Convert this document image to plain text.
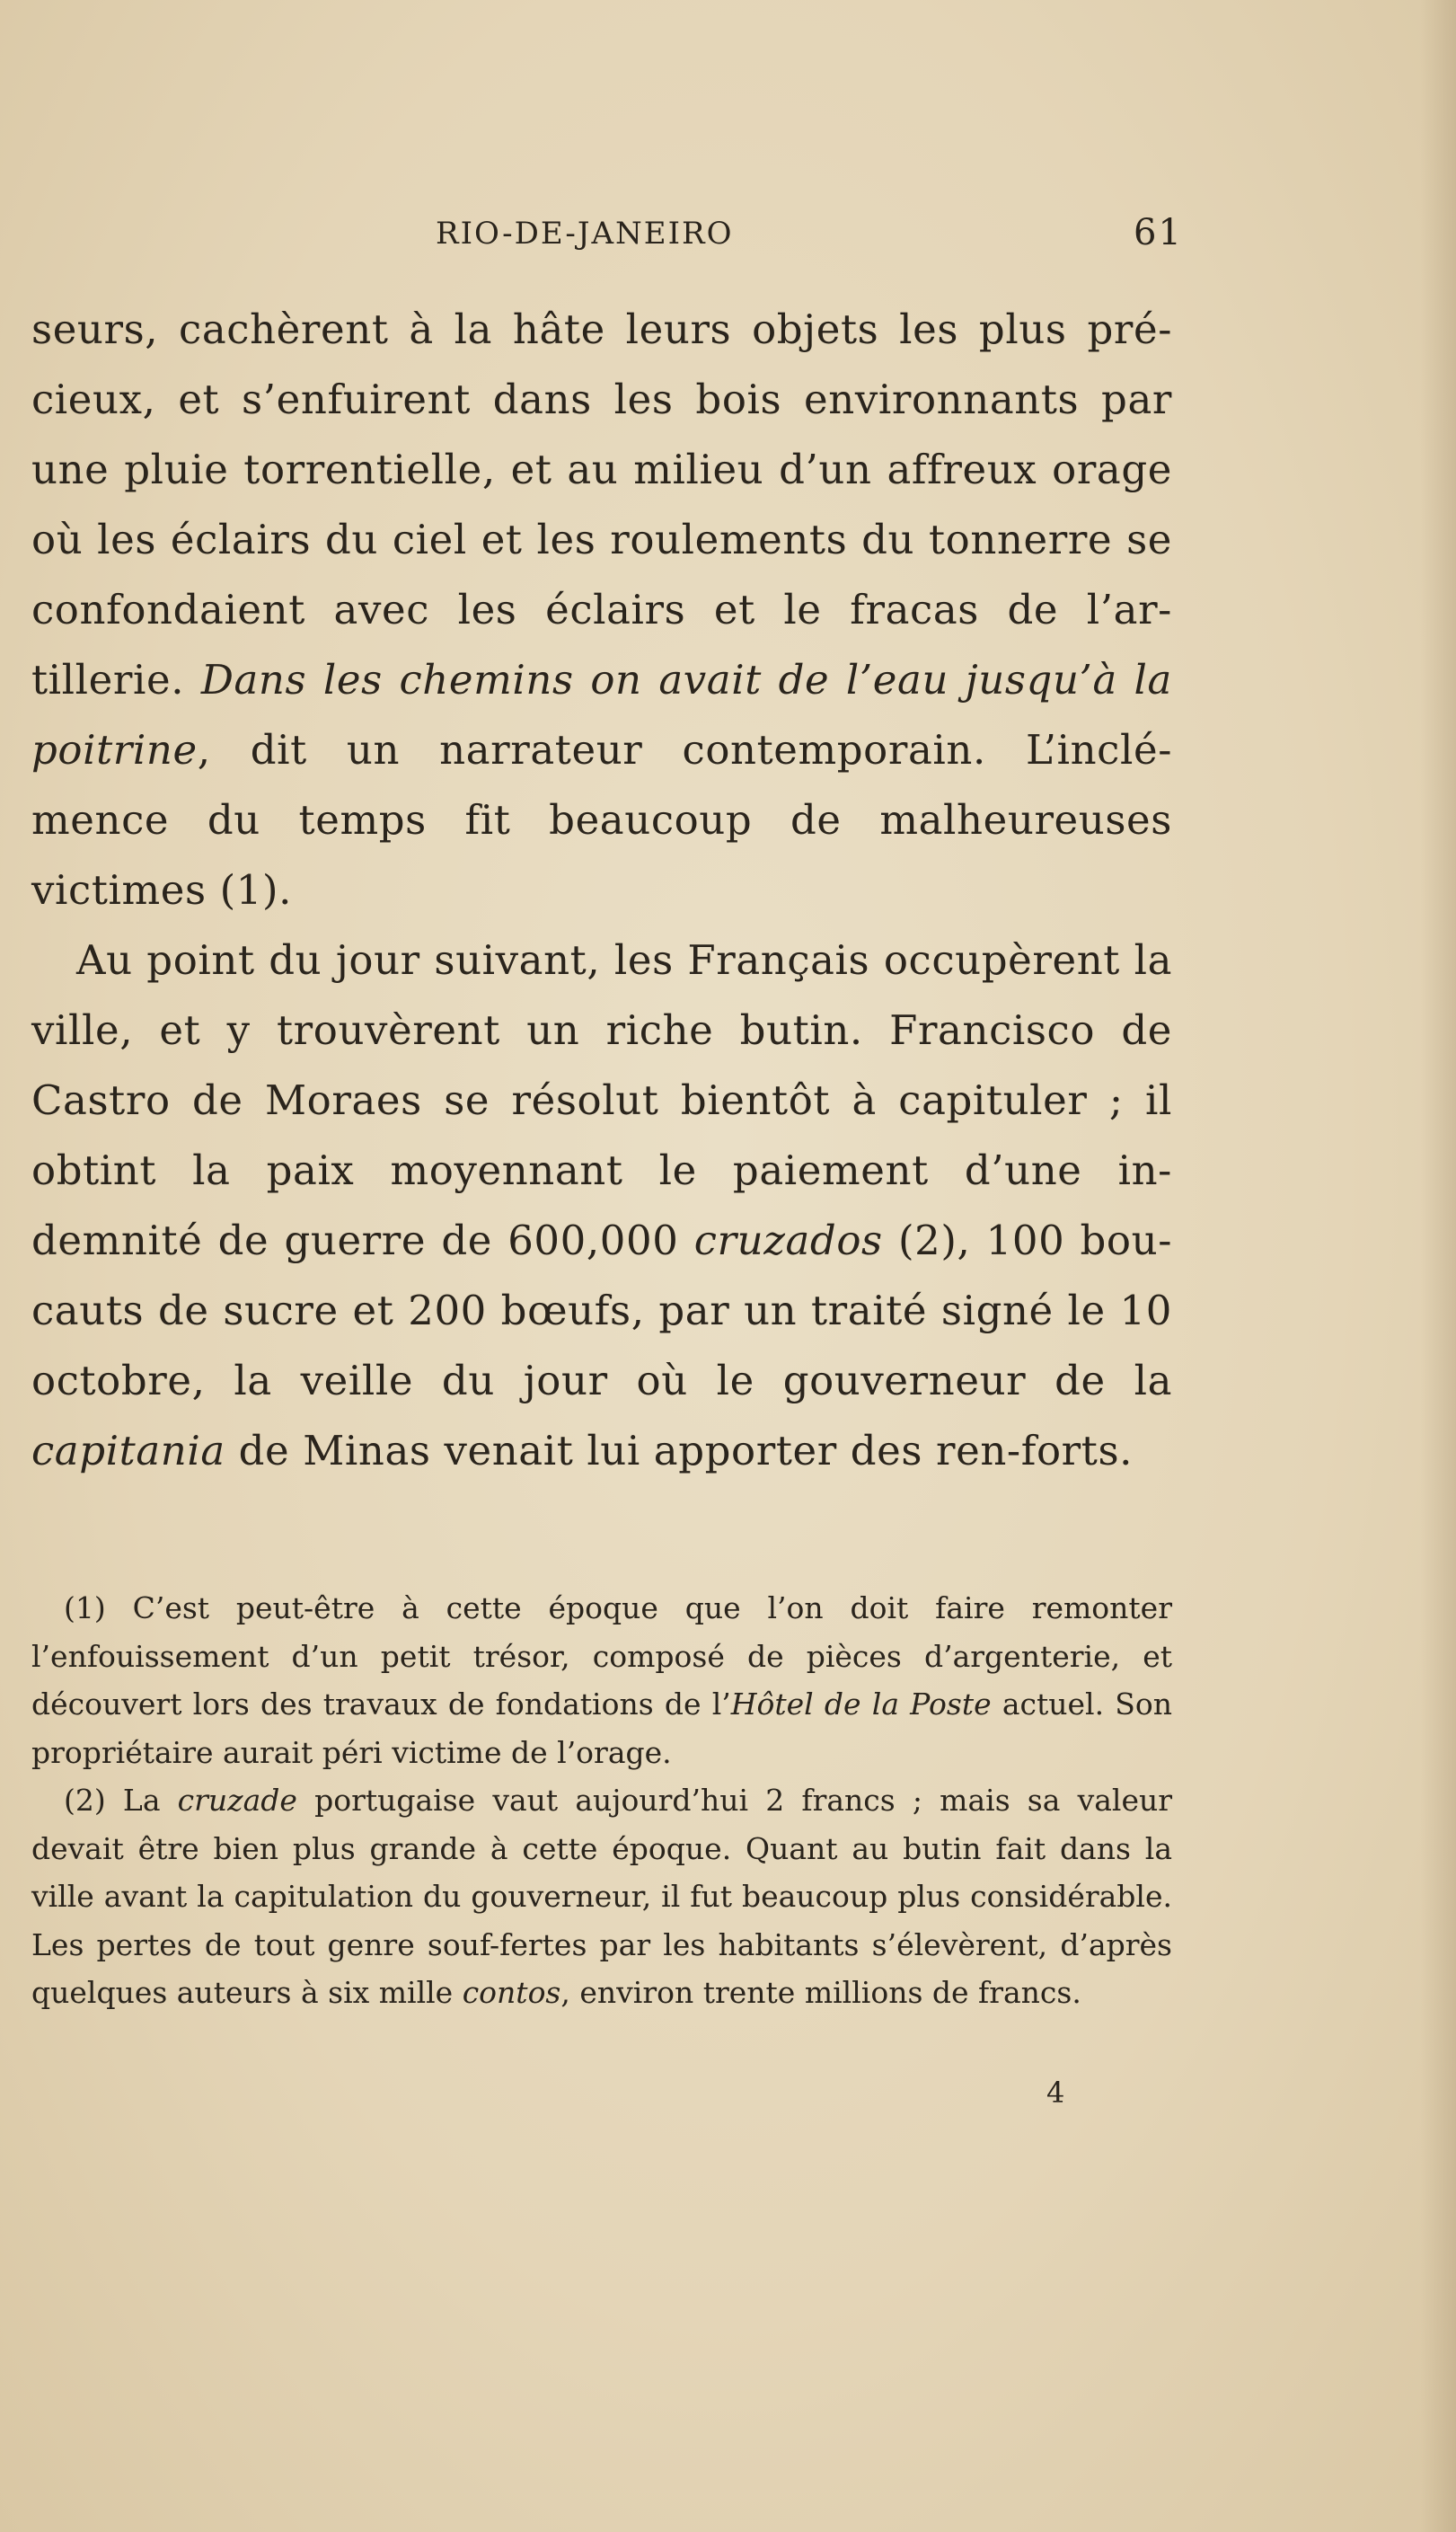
RIO-DE-JANEIRO	61

seurs, cachèrent à la hâte leurs objets les plus pré-cieux, et s’enfuirent dans les bois environnants par une pluie torrentielle, et au milieu d’un affreux orage où les éclairs du ciel et les roulements du tonnerre se confondaient avec les éclairs et le fracas de l’ar-tillerie. Dans les chemins on avait de l’eau jusqu’à la poitrine, dit un narrateur contemporain. L’inclé-mence du temps fit beaucoup de malheureuses victimes (1).

Au point du jour suivant, les Français occupèrent la ville, et y trouvèrent un riche butin. Francisco de Castro de Moraes se résolut bientôt à capituler ; il obtint la paix moyennant le paiement d’une in-demnité de guerre de 600,000 cruzados (2), 100 bou-cauts de sucre et 200 bœufs, par un traité signé le 10 octobre, la veille du jour où le gouverneur de la capitania de Minas venait lui apporter des ren-forts.

(1) C’est peut-être à cette époque que l’on doit faire remonter l’enfouissement d’un petit trésor, composé de pièces d’argenterie, et découvert lors des travaux de fondations de l’Hôtel de la Poste actuel. Son propriétaire aurait péri victime de l’orage.

(2) La cruzade portugaise vaut aujourd’hui 2 francs ; mais sa valeur devait être bien plus grande à cette époque. Quant au butin fait dans la ville avant la capitulation du gouverneur, il fut beaucoup plus considérable. Les pertes de tout genre souf-fertes par les habitants s’élevèrent, d’après quelques auteurs à six mille contos, environ trente millions de francs.

4
